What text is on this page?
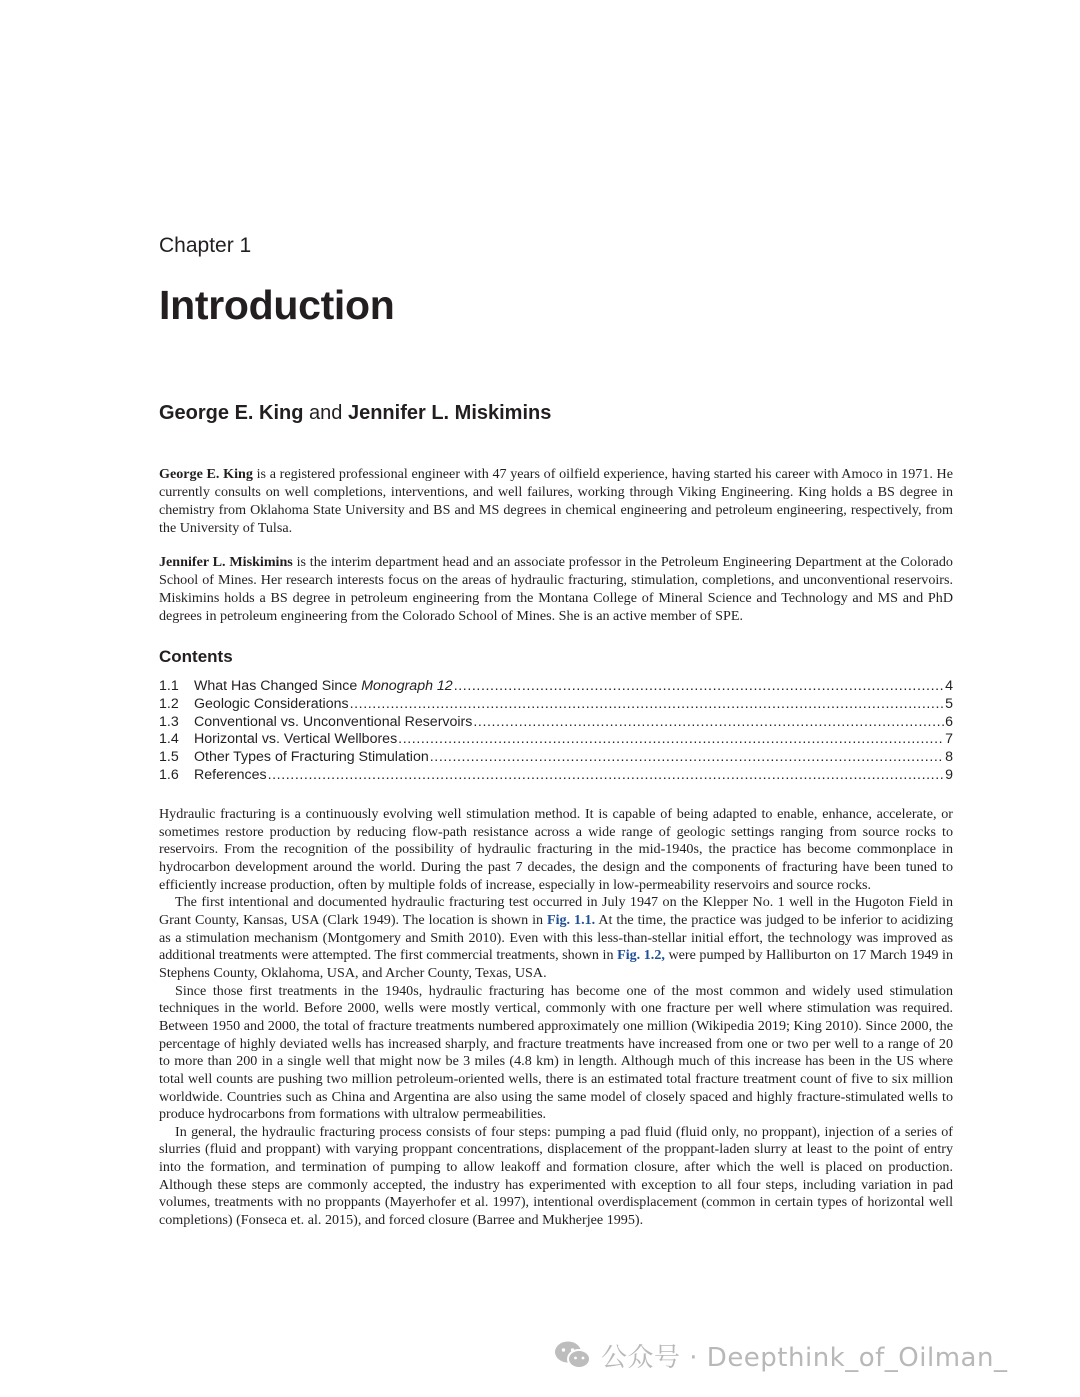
Chapter 1
Introduction
George E. King and Jennifer L. Miskimins
George E. King is a registered professional engineer with 47 years of oilfield experience, having started his career with Amoco in 1971. He currently consults on well completions, interventions, and well failures, working through Viking Engineering. King holds a BS degree in chemistry from Oklahoma State University and BS and MS degrees in chemical engineering and petroleum engineering, respectively, from the University of Tulsa.
Jennifer L. Miskimins is the interim department head and an associate professor in the Petroleum Engineering Department at the Colorado School of Mines. Her research interests focus on the areas of hydraulic fracturing, stimulation, completions, and unconventional reservoirs. Miskimins holds a BS degree in petroleum engineering from the Montana College of Mineral Science and Technology and MS and PhD degrees in petroleum engineering from the Colorado School of Mines. She is an active member of SPE.
Contents
1.1	What Has Changed Since Monograph 12 .....	4
1.2	Geologic Considerations .....	5
1.3	Conventional vs. Unconventional Reservoirs .....	6
1.4	Horizontal vs. Vertical Wellbores .....	7
1.5	Other Types of Fracturing Stimulation .....	8
1.6	References .....	9

Hydraulic fracturing is a continuously evolving well stimulation method. It is capable of being adapted to enable, enhance, accelerate, or sometimes restore production by reducing flow-path resistance across a wide range of geologic settings ranging from source rocks to reservoirs. From the recognition of the possibility of hydraulic fracturing in the mid-1940s, the practice has become commonplace in hydrocarbon development around the world. During the past 7 decades, the design and the components of fracturing have been tuned to efficiently increase production, often by multiple folds of increase, especially in low-permeability reservoirs and source rocks.

The first intentional and documented hydraulic fracturing test occurred in July 1947 on the Klepper No. 1 well in the Hugoton Field in Grant County, Kansas, USA (Clark 1949). The location is shown in Fig. 1.1. At the time, the practice was judged to be inferior to acidizing as a stimulation mechanism (Montgomery and Smith 2010). Even with this less-than-stellar initial effort, the technology was improved as additional treatments were attempted. The first commercial treatments, shown in Fig. 1.2, were pumped by Halliburton on 17 March 1949 in Stephens County, Oklahoma, USA, and Archer County, Texas, USA.

Since those first treatments in the 1940s, hydraulic fracturing has become one of the most common and widely used stimulation techniques in the world. Before 2000, wells were mostly vertical, commonly with one fracture per well where stimulation was required. Between 1950 and 2000, the total of fracture treatments numbered approximately one million (Wikipedia 2019; King 2010). Since 2000, the percentage of highly deviated wells has increased sharply, and fracture treatments have increased from one or two per well to a range of 20 to more than 200 in a single well that might now be 3 miles (4.8 km) in length. Although much of this increase has been in the US where total well counts are pushing two million petroleum-oriented wells, there is an estimated total fracture treatment count of five to six million worldwide. Countries such as China and Argentina are also using the same model of closely spaced and highly fracture-stimulated wells to produce hydrocarbons from formations with ultralow permeabilities.

In general, the hydraulic fracturing process consists of four steps: pumping a pad fluid (fluid only, no proppant), injection of a series of slurries (fluid and proppant) with varying proppant concentrations, displacement of the proppant-laden slurry at least to the point of entry into the formation, and termination of pumping to allow leakoff and formation closure, after which the well is placed on production. Although these steps are commonly accepted, the industry has experimented with exception to all four steps, including variation in pad volumes, treatments with no proppants (Mayerhofer et al. 1997), intentional overdisplacement (common in certain types of horizontal well completions) (Fonseca et. al. 2015), and forced closure (Barree and Mukherjee 1995).

公众号 · Deepthink_of_Oilman_
